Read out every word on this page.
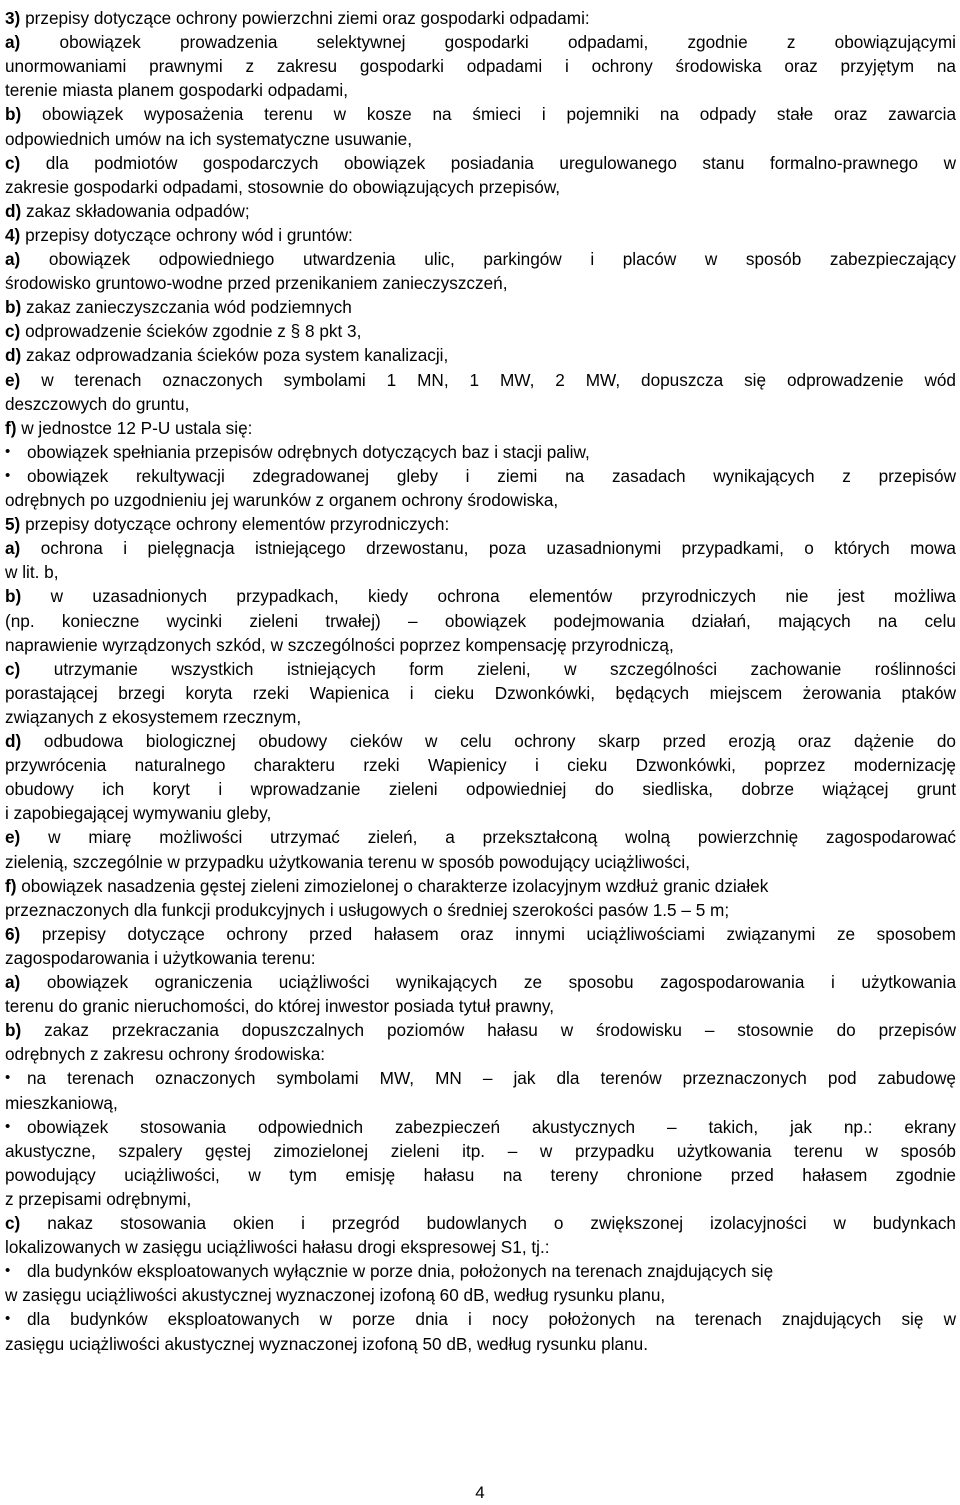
3) przepisy dotyczące ochrony powierzchni ziemi oraz gospodarki odpadami:
a) obowiązek prowadzenia selektywnej gospodarki odpadami, zgodnie z obowiązującymi
unormowaniami prawnymi z zakresu gospodarki odpadami i ochrony środowiska oraz przyjętym na
terenie miasta planem gospodarki odpadami,
b) obowiązek wyposażenia terenu w kosze na śmieci i pojemniki na odpady stałe oraz zawarcia
odpowiednich umów na ich systematyczne usuwanie,
c) dla podmiotów gospodarczych obowiązek posiadania uregulowanego stanu formalno-prawnego w
zakresie gospodarki odpadami, stosownie do obowiązujących przepisów,
d) zakaz składowania odpadów;
4) przepisy dotyczące ochrony wód i gruntów:
a) obowiązek odpowiedniego utwardzenia ulic, parkingów i placów w sposób zabezpieczający
środowisko gruntowo-wodne przed przenikaniem zanieczyszczeń,
b) zakaz zanieczyszczania wód podziemnych
c) odprowadzenie ścieków zgodnie z § 8 pkt 3,
d) zakaz odprowadzania ścieków poza system kanalizacji,
e) w terenach oznaczonych symbolami 1 MN, 1 MW, 2 MW, dopuszcza się odprowadzenie wód
deszczowych do gruntu,
f) w jednostce 12 P-U ustala się:
• obowiązek spełniania przepisów odrębnych dotyczących baz i stacji paliw,
• obowiązek rekultywacji zdegradowanej gleby i ziemi na zasadach wynikających z przepisów
odrębnych po uzgodnieniu jej warunków z organem ochrony środowiska,
5) przepisy dotyczące ochrony elementów przyrodniczych:
a) ochrona i pielęgnacja istniejącego drzewostanu, poza uzasadnionymi przypadkami, o których mowa
w lit. b,
b) w uzasadnionych przypadkach, kiedy ochrona elementów przyrodniczych nie jest możliwa
(np. konieczne wycinki zieleni trwałej) – obowiązek podejmowania działań, mających na celu
naprawienie wyrządzonych szkód, w szczególności poprzez kompensację przyrodniczą,
c) utrzymanie wszystkich istniejących form zieleni, w szczególności zachowanie roślinności
porastającej brzegi koryta rzeki Wapienica i cieku Dzwonkówki, będących miejscem żerowania ptaków
związanych z ekosystemem rzecznym,
d) odbudowa biologicznej obudowy cieków w celu ochrony skarp przed erozją oraz dążenie do
przywrócenia naturalnego charakteru rzeki Wapienicy i cieku Dzwonkówki, poprzez modernizację
obudowy ich koryt i wprowadzanie zieleni odpowiedniej do siedliska, dobrze wiążącej grunt
i zapobiegającej wymywaniu gleby,
e) w miarę możliwości utrzymać zieleń, a przekształconą wolną powierzchnię zagospodarować
zielenią, szczególnie w przypadku użytkowania terenu w sposób powodujący uciążliwości,
f) obowiązek nasadzenia gęstej zieleni zimozielonej o charakterze izolacyjnym wzdłuż granic działek
przeznaczonych dla funkcji produkcyjnych i usługowych o średniej szerokości pasów 1.5 – 5 m;
6) przepisy dotyczące ochrony przed hałasem oraz innymi uciążliwościami związanymi ze sposobem
zagospodarowania i użytkowania terenu:
a) obowiązek ograniczenia uciążliwości wynikających ze sposobu zagospodarowania i użytkowania
terenu do granic nieruchomości, do której inwestor posiada tytuł prawny,
b) zakaz przekraczania dopuszczalnych poziomów hałasu w środowisku – stosownie do przepisów
odrębnych z zakresu ochrony środowiska:
• na terenach oznaczonych symbolami MW, MN – jak dla terenów przeznaczonych pod zabudowę
mieszkaniową,
• obowiązek stosowania odpowiednich zabezpieczeń akustycznych – takich, jak np.: ekrany
akustyczne, szpalery gęstej zimozielonej zieleni itp. – w przypadku użytkowania terenu w sposób
powodujący uciążliwości, w tym emisję hałasu na tereny chronione przed hałasem zgodnie
z przepisami odrębnymi,
c) nakaz stosowania okien i przegród budowlanych o zwiększonej izolacyjności w budynkach
lokalizowanych w zasięgu uciążliwości hałasu drogi ekspresowej S1, tj.:
• dla budynków eksploatowanych wyłącznie w porze dnia, położonych na terenach znajdujących się
w zasięgu uciążliwości akustycznej wyznaczonej izofoną 60 dB, według rysunku planu,
• dla budynków eksploatowanych w porze dnia i nocy położonych na terenach znajdujących się w
zasięgu uciążliwości akustycznej wyznaczonej izofoną 50 dB, według rysunku planu.
4
